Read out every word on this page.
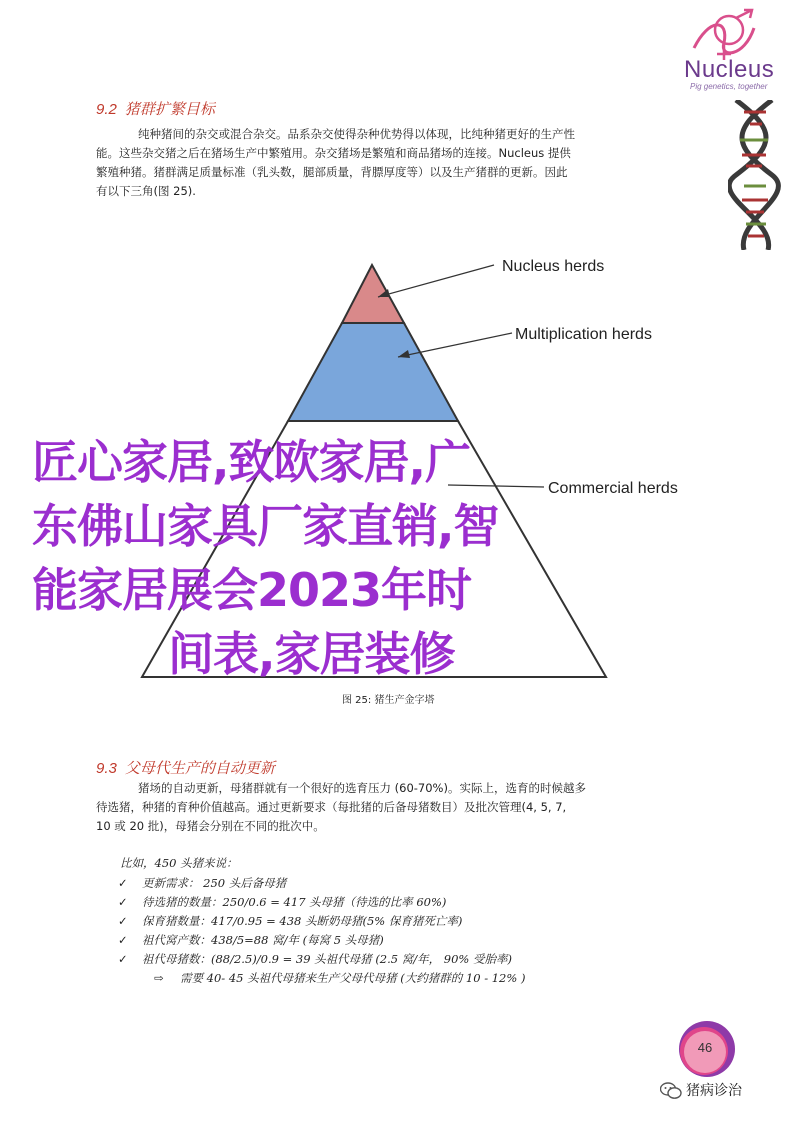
Nucleus
Pig genetics, together
9.2 猪群扩繁目标
纯种猪间的杂交或混合杂交。品系杂交使得杂种优势得以体现，比纯种猪更好的生产性
能。这些杂交猪之后在猪场生产中繁殖用。杂交猪场是繁殖和商品猪场的连接。Nucleus 提供
繁殖种猪。猪群满足质量标准（乳头数，腿部质量，背膘厚度等）以及生产猪群的更新。因此
有以下三角(图 25).
Nucleus herds
Multiplication herds
Commercial herds
图 25: 猪生产金字塔
匠心家居,致欧家居,广
东佛山家具厂家直销,智
能家居展会2023年时
间表,家居装修
9.3 父母代生产的自动更新
猪场的自动更新，母猪群就有一个很好的选育压力 (60-70%)。实际上，选育的时候越多
待选猪，种猪的育种价值越高。通过更新要求（每批猪的后备母猪数目）及批次管理(4, 5, 7,
10 或 20 批)，母猪会分别在不同的批次中。
比如，450 头猪来说：
✓ 更新需求： 250 头后备母猪
✓ 待选猪的数量：250/0.6 = 417 头母猪（待选的比率 60%)
✓ 保育猪数量：417/0.95 = 438 头断奶母猪(5% 保育猪死亡率)
✓ 祖代窝产数：438/5=88 窝/年 (每窝 5 头母猪)
✓ 祖代母猪数：(88/2.5)/0.9 = 39 头祖代母猪 (2.5 窝/年， 90% 受胎率)
⇨ 需要 40- 45 头祖代母猪来生产父母代母猪 (大约猪群的 10 - 12% )
46
猪病诊治
